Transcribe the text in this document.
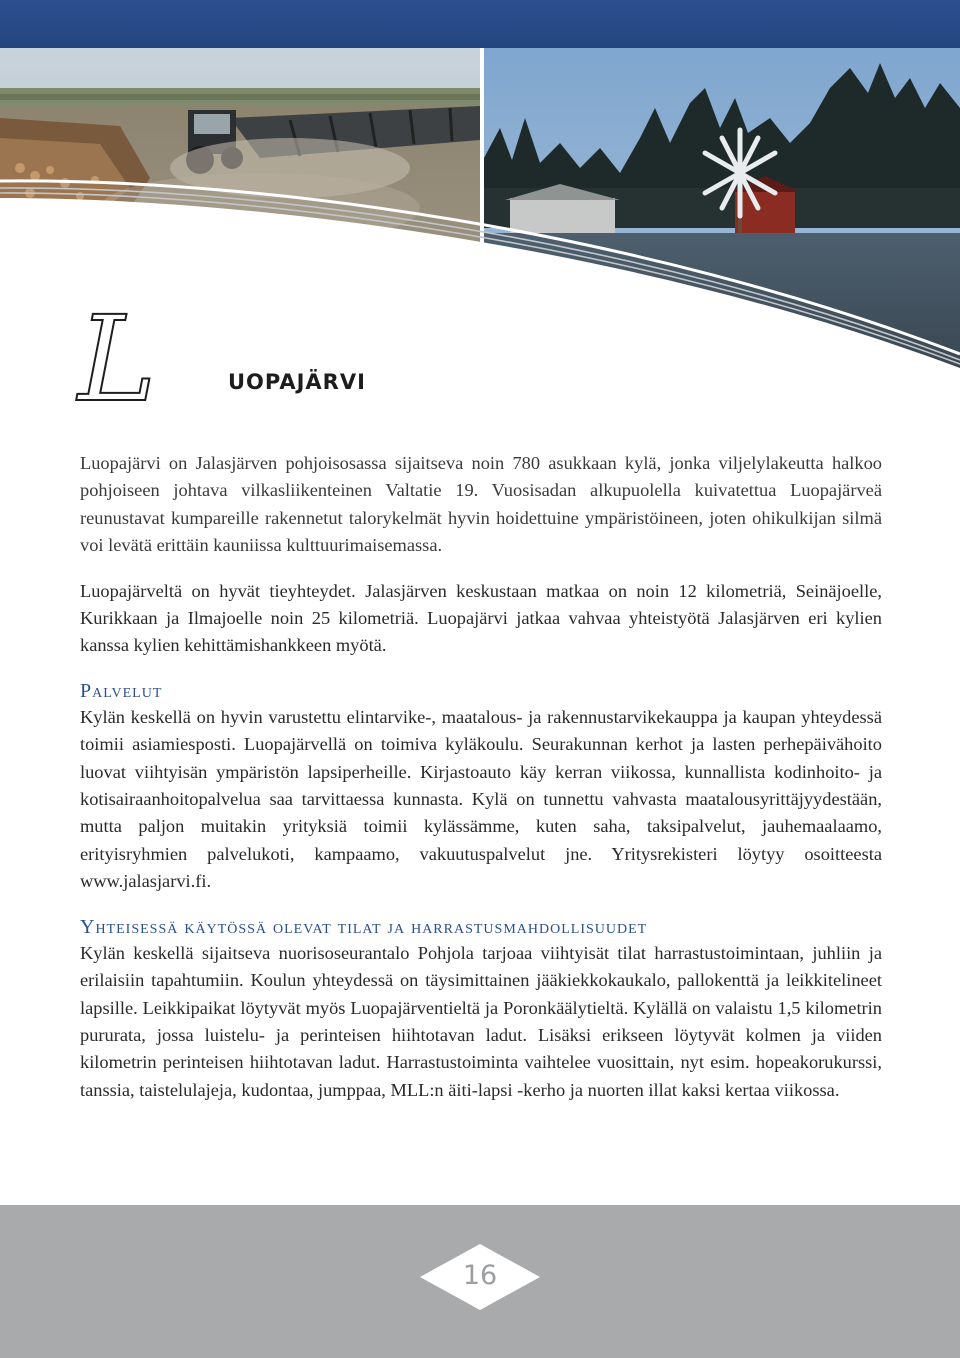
L	UOPAJÄRVI

Luopajärvi on Jalasjärven pohjoisosassa sijaitseva noin 780 asukkaan kylä, jonka viljelylakeutta halkoo pohjoiseen johtava vilkasliikenteinen Valtatie 19. Vuosisadan alkupuolella kuivatettua Luopajärveä reunustavat kumpareille rakennetut talorykelmät hyvin hoidettuine ympäristöineen, joten ohikulkijan silmä voi levätä erittäin kauniissa kulttuurimaisemassa.

Luopajärveltä on hyvät tieyhteydet. Jalasjärven keskustaan matkaa on noin 12 kilometriä, Seinäjoelle, Kurikkaan ja Ilmajoelle noin 25 kilometriä. Luopajärvi jatkaa vahvaa yhteistyötä Jalasjärven eri kylien kanssa kylien kehittämishankkeen myötä.

Palvelut

Kylän keskellä on hyvin varustettu elintarvike-, maatalous- ja rakennustarvikekauppa ja kaupan yhteydessä toimii asiamiesposti. Luopajärvellä on toimiva kyläkoulu. Seurakunnan kerhot ja lasten perhepäivähoito luovat viihtyisän ympäristön lapsiperheille. Kirjastoauto käy kerran viikossa, kunnallista kodinhoito- ja kotisairaanhoitopalvelua saa tarvittaessa kunnasta. Kylä on tunnettu vahvasta maatalousyrittäjyydestään, mutta paljon muitakin yrityksiä toimii kylässämme, kuten saha, taksipalvelut, jauhemaalaamo, erityisryhmien palvelukoti, kampaamo, vakuutuspalvelut jne. Yritysrekisteri löytyy osoitteesta www.jalasjarvi.fi.

Yhteisessä käytössä olevat tilat ja harrastusmahdollisuudet

Kylän keskellä sijaitseva nuorisoseurantalo Pohjola tarjoaa viihtyisät tilat harrastustoimintaan, juhliin ja erilaisiin tapahtumiin. Koulun yhteydessä on täysimittainen jääkiekkokaukalo, pallokenttä ja leikkitelineet lapsille. Leikkipaikat löytyvät myös Luopajärventieltä ja Poronkäälytieltä. Kylällä on valaistu 1,5 kilometrin pururata, jossa luistelu- ja perinteisen hiihtotavan ladut. Lisäksi erikseen löytyvät kolmen ja viiden kilometrin perinteisen hiihtotavan ladut. Harrastustoiminta vaihtelee vuosittain, nyt esim. hopeakorukurssi, tanssia, taistelulajeja, kudontaa, jumppaa, MLL:n äiti-lapsi -kerho ja nuorten illat kaksi kertaa viikossa.

16
